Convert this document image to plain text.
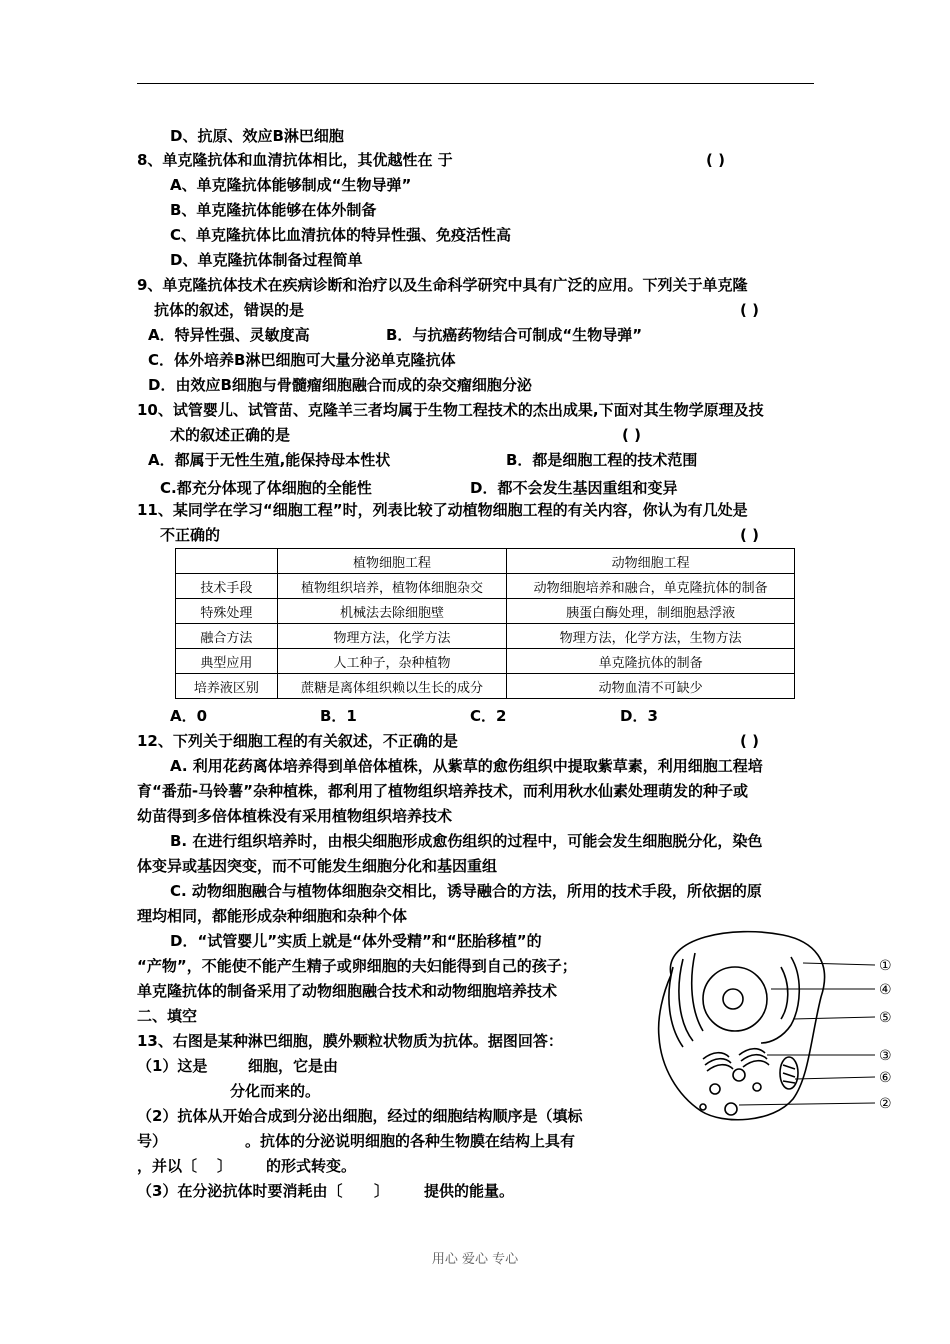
D、抗原、效应B淋巴细胞
8、单克隆抗体和血清抗体相比，其优越性在 于	( )
A、单克隆抗体能够制成“生物导弹”
B、单克隆抗体能够在体外制备
C、单克隆抗体比血清抗体的特异性强、免疫活性高
D、单克隆抗体制备过程简单
9、单克隆抗体技术在疾病诊断和治疗以及生命科学研究中具有广泛的应用。下列关于单克隆
抗体的叙述，错误的是	( )
A．特异性强、灵敏度高	B．与抗癌药物结合可制成“生物导弹”
C．体外培养B淋巴细胞可大量分泌单克隆抗体
D．由效应B细胞与骨髓瘤细胞融合而成的杂交瘤细胞分泌
10、试管婴儿、试管苗、克隆羊三者均属于生物工程技术的杰出成果,下面对其生物学原理及技
术的叙述正确的是	( )
A．都属于无性生殖,能保持母本性状	B．都是细胞工程的技术范围
C.都充分体现了体细胞的全能性	D．都不会发生基因重组和变异
11、某同学在学习“细胞工程”时，列表比较了动植物细胞工程的有关内容，你认为有几处是
不正确的	( )
	植物细胞工程	动物细胞工程
技术手段	植物组织培养，植物体细胞杂交	动物细胞培养和融合，单克隆抗体的制备
特殊处理	机械法去除细胞壁	胰蛋白酶处理，制细胞悬浮液
融合方法	物理方法，化学方法	物理方法，化学方法，生物方法
典型应用	人工种子，杂种植物	单克隆抗体的制备
培养液区别	蔗糖是离体组织赖以生长的成分	动物血清不可缺少
A．0	B．1	C．2	D．3
12、下列关于细胞工程的有关叙述，不正确的是	( )
A. 利用花药离体培养得到单倍体植株，从紫草的愈伤组织中提取紫草素，利用细胞工程培
育“番茄-马铃薯”杂种植株，都利用了植物组织培养技术，而利用秋水仙素处理萌发的种子或
幼苗得到多倍体植株没有采用植物组织培养技术
B. 在进行组织培养时，由根尖细胞形成愈伤组织的过程中，可能会发生细胞脱分化，染色
体变异或基因突变，而不可能发生细胞分化和基因重组
C. 动物细胞融合与植物体细胞杂交相比，诱导融合的方法，所用的技术手段，所依据的原
理均相同，都能形成杂种细胞和杂种个体
D．“试管婴儿”实质上就是“体外受精”和“胚胎移植”的
“产物”，不能使不能产生精子或卵细胞的夫妇能得到自己的孩子；
单克隆抗体的制备采用了动物细胞融合技术和动物细胞培养技术
二、填空
13、右图是某种淋巴细胞，膜外颗粒状物质为抗体。据图回答：
（1）这是	细胞，它是由
分化而来的。
（2）抗体从开始合成到分泌出细胞，经过的细胞结构顺序是（填标
号）	。抗体的分泌说明细胞的各种生物膜在结构上具有
，并以〔 〕 的形式转变。
（3）在分泌抗体时要消耗由〔 〕 提供的能量。
①
④
⑤
③
⑥
②
用心 爱心 专心
